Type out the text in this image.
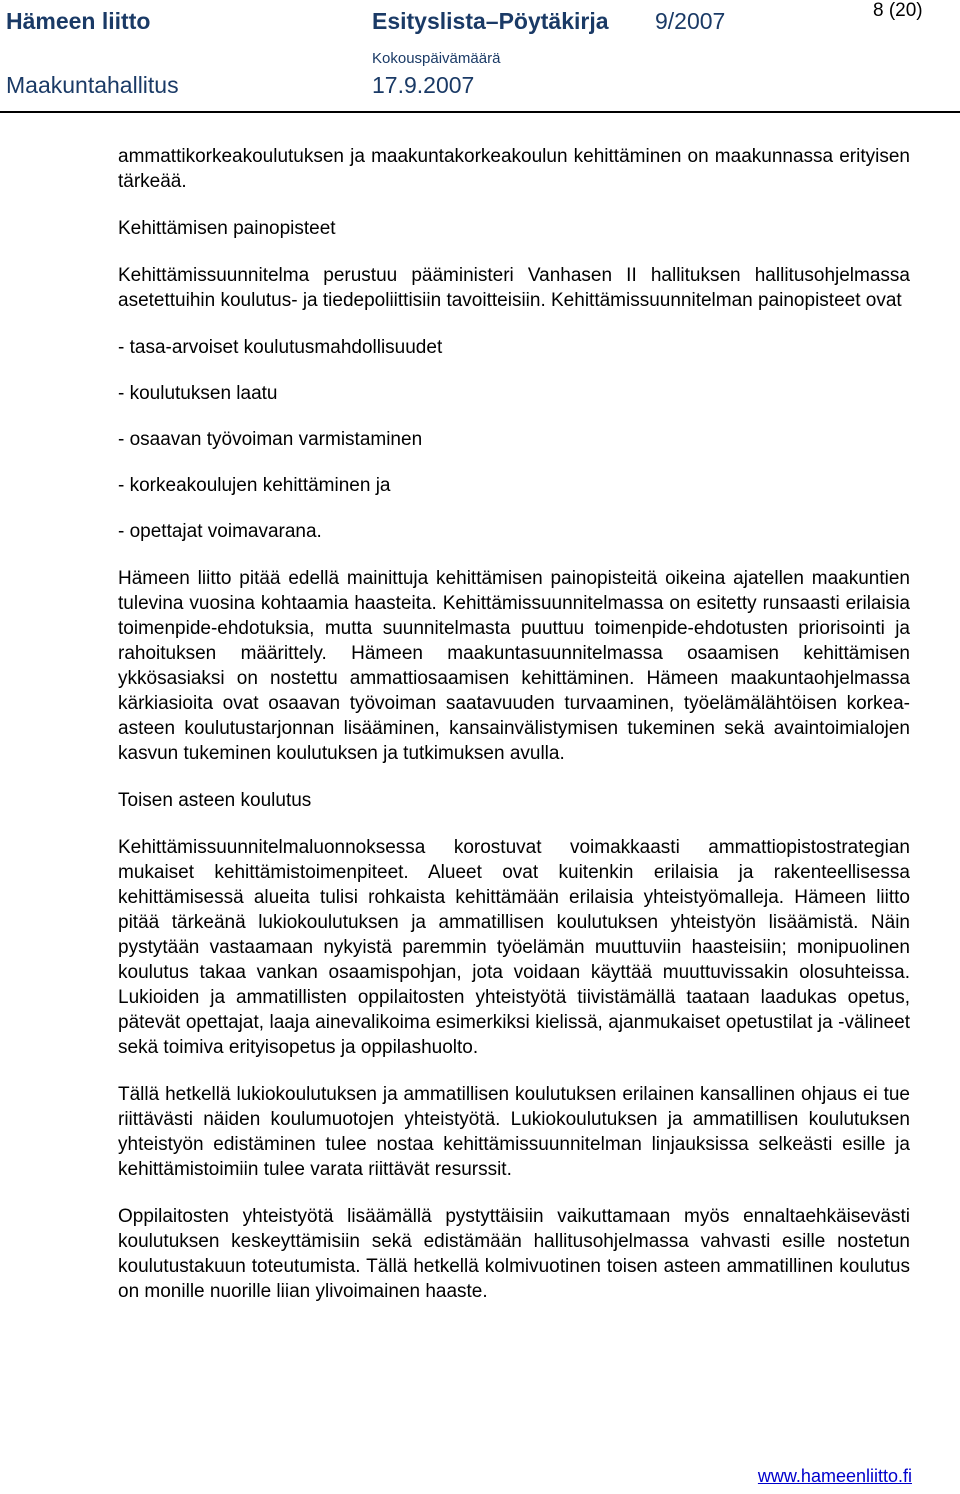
Hämeen liitto	Esityslista–Pöytäkirja 9/2007	8 (20)
Kokouspäivämäärä
Maakuntahallitus	17.9.2007

ammattikorkeakoulutuksen ja maakuntakorkeakoulun kehittäminen on maakunnassa erityisen tärkeää.

Kehittämisen painopisteet

Kehittämissuunnitelma perustuu pääministeri Vanhasen II hallituksen hallitusohjelmassa asetettuihin koulutus- ja tiedepoliittisiin tavoitteisiin. Kehittämissuunnitelman painopisteet ovat

- tasa-arvoiset koulutusmahdollisuudet

- koulutuksen laatu

- osaavan työvoiman varmistaminen

- korkeakoulujen kehittäminen ja

- opettajat voimavarana.

Hämeen liitto pitää edellä mainittuja kehittämisen painopisteitä oikeina ajatellen maakuntien tulevina vuosina kohtaamia haasteita. Kehittämissuunnitelmassa on esitetty runsaasti erilaisia toimenpide-ehdotuksia, mutta suunnitelmasta puuttuu toimenpide-ehdotusten priorisointi ja rahoituksen määrittely. Hämeen maakuntasuunnitelmassa osaamisen kehittämisen ykkösasiaksi on nostettu ammattiosaamisen kehittäminen. Hämeen maakuntaohjelmassa kärkiasioita ovat osaavan työvoiman saatavuuden turvaaminen, työelämälähtöisen korkea-asteen koulutustarjonnan lisääminen, kansainvälistymisen tukeminen sekä avaintoimialojen kasvun tukeminen koulutuksen ja tutkimuksen avulla.

Toisen asteen koulutus

Kehittämissuunnitelmaluonnoksessa korostuvat voimakkaasti ammattiopistostrategian mukaiset kehittämistoimenpiteet. Alueet ovat kuitenkin erilaisia ja rakenteellisessa kehittämisessä alueita tulisi rohkaista kehittämään erilaisia yhteistyömalleja. Hämeen liitto pitää tärkeänä lukiokoulutuksen ja ammatillisen koulutuksen yhteistyön lisäämistä. Näin pystytään vastaamaan nykyistä paremmin työelämän muuttuviin haasteisiin; monipuolinen koulutus takaa vankan osaamispohjan, jota voidaan käyttää muuttuvissakin olosuhteissa. Lukioiden ja ammatillisten oppilaitosten yhteistyötä tiivistämällä taataan laadukas opetus, pätevät opettajat, laaja ainevalikoima esimerkiksi kielissä, ajanmukaiset opetustilat ja -välineet sekä toimiva erityisopetus ja oppilashuolto.

Tällä hetkellä lukiokoulutuksen ja ammatillisen koulutuksen erilainen kansallinen ohjaus ei tue riittävästi näiden koulumuotojen yhteistyötä. Lukiokoulutuksen ja ammatillisen koulutuksen yhteistyön edistäminen tulee nostaa kehittämissuunnitelman linjauksissa selkeästi esille ja kehittämistoimiin tulee varata riittävät resurssit.

Oppilaitosten yhteistyötä lisäämällä pystyttäisiin vaikuttamaan myös ennaltaehkäisevästi koulutuksen keskeyttämisiin sekä edistämään hallitusohjelmassa vahvasti esille nostetun koulutustakuun toteutumista. Tällä hetkellä kolmivuotinen toisen asteen ammatillinen koulutus on monille nuorille liian ylivoimainen haaste.

www.hameenliitto.fi
